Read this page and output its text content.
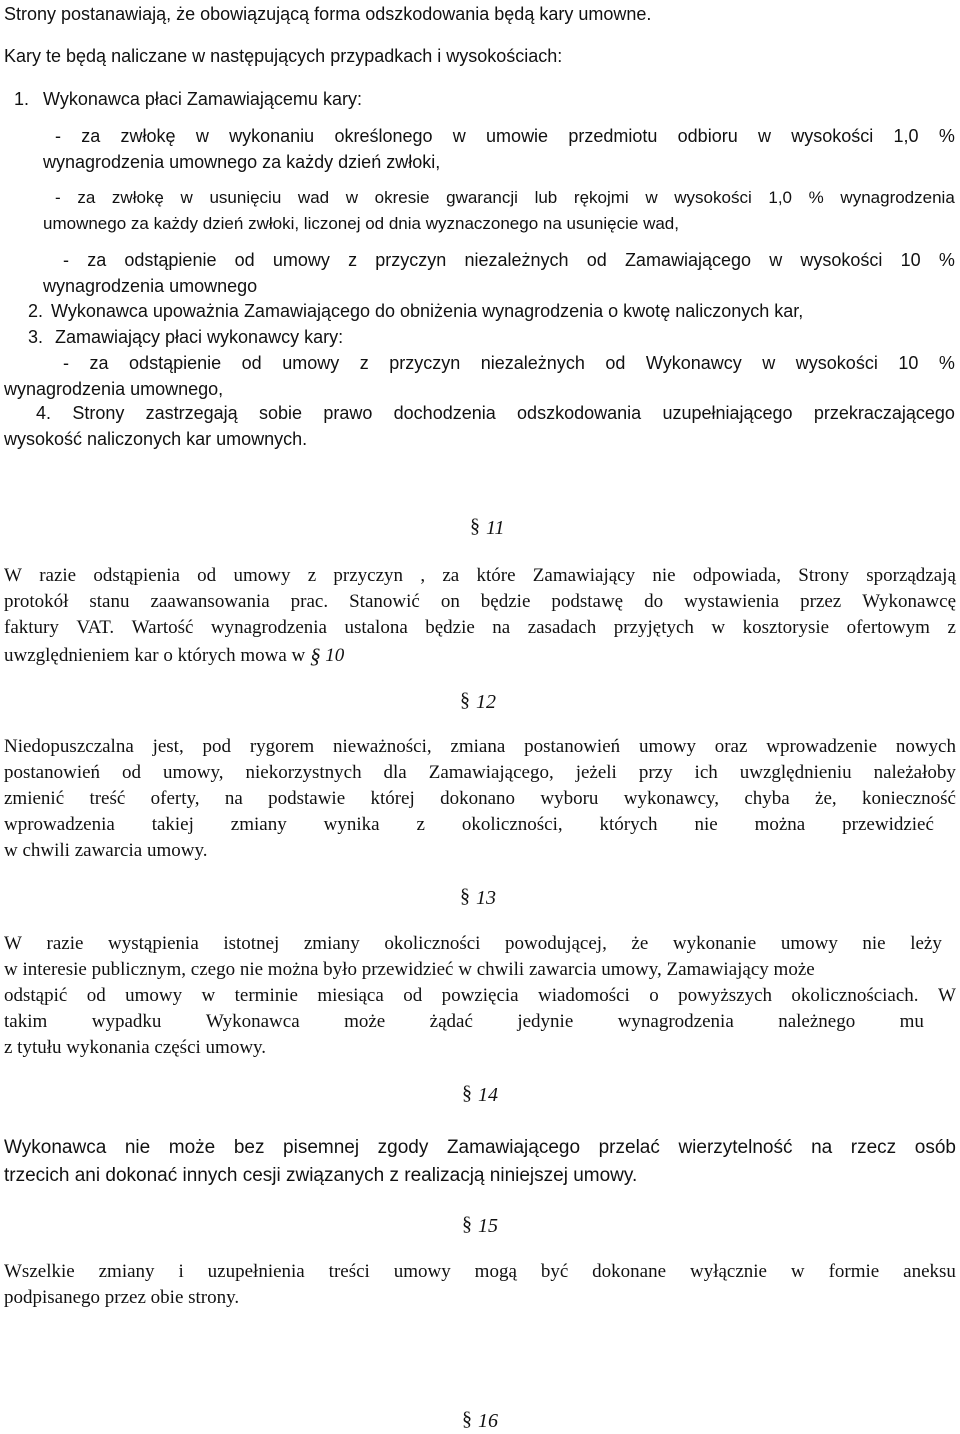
Strony postanawiają, że obowiązującą forma odszkodowania będą kary umowne.
Kary te będą naliczane w następujących przypadkach i wysokościach:
1. Wykonawca płaci Zamawiającemu kary:
- za zwłokę w wykonaniu określonego w umowie przedmiotu odbioru w wysokości 1,0 %
wynagrodzenia umownego za każdy dzień zwłoki,
- za zwłokę w usunięciu wad w okresie gwarancji lub rękojmi w wysokości 1,0 % wynagrodzenia
umownego za każdy dzień zwłoki, liczonej od dnia wyznaczonego na usunięcie wad,
- za odstąpienie od umowy z przyczyn niezależnych od Zamawiającego w wysokości 10 %
wynagrodzenia umownego
2. Wykonawca upoważnia Zamawiającego do obniżenia wynagrodzenia o kwotę naliczonych kar,
3. Zamawiający płaci wykonawcy kary:
- za odstąpienie od umowy z przyczyn niezależnych od Wykonawcy w wysokości 10 %
wynagrodzenia umownego,
4. Strony zastrzegają sobie prawo dochodzenia odszkodowania uzupełniającego przekraczającego
wysokość naliczonych kar umownych.
§ 11
W razie odstąpienia od umowy z przyczyn , za które Zamawiający nie odpowiada, Strony sporządzają
protokół stanu zaawansowania prac. Stanowić on będzie podstawę do wystawienia przez Wykonawcę
faktury VAT. Wartość wynagrodzenia ustalona będzie na zasadach przyjętych w kosztorysie ofertowym z
uwzględnieniem kar o których mowa w § 10
§ 12
Niedopuszczalna jest, pod rygorem nieważności, zmiana postanowień umowy oraz wprowadzenie nowych
postanowień od umowy, niekorzystnych dla Zamawiającego, jeżeli przy ich uwzględnieniu należałoby
zmienić treść oferty, na podstawie której dokonano wyboru wykonawcy, chyba że, konieczność
wprowadzenia takiej zmiany wynika z okoliczności, których nie można przewidzieć
w chwili zawarcia umowy.
§ 13
W razie wystąpienia istotnej zmiany okoliczności powodującej, że wykonanie umowy nie leży
w interesie publicznym, czego nie można było przewidzieć w chwili zawarcia umowy, Zamawiający może
odstąpić od umowy w terminie miesiąca od powzięcia wiadomości o powyższych okolicznościach. W
takim wypadku Wykonawca może żądać jedynie wynagrodzenia należnego mu
z tytułu wykonania części umowy.
§ 14
Wykonawca nie może bez pisemnej zgody Zamawiającego przelać wierzytelność na rzecz osób
trzecich ani dokonać innych cesji związanych z realizacją niniejszej umowy.
§ 15
Wszelkie zmiany i uzupełnienia treści umowy mogą być dokonane wyłącznie w formie aneksu
podpisanego przez obie strony.
§ 16
